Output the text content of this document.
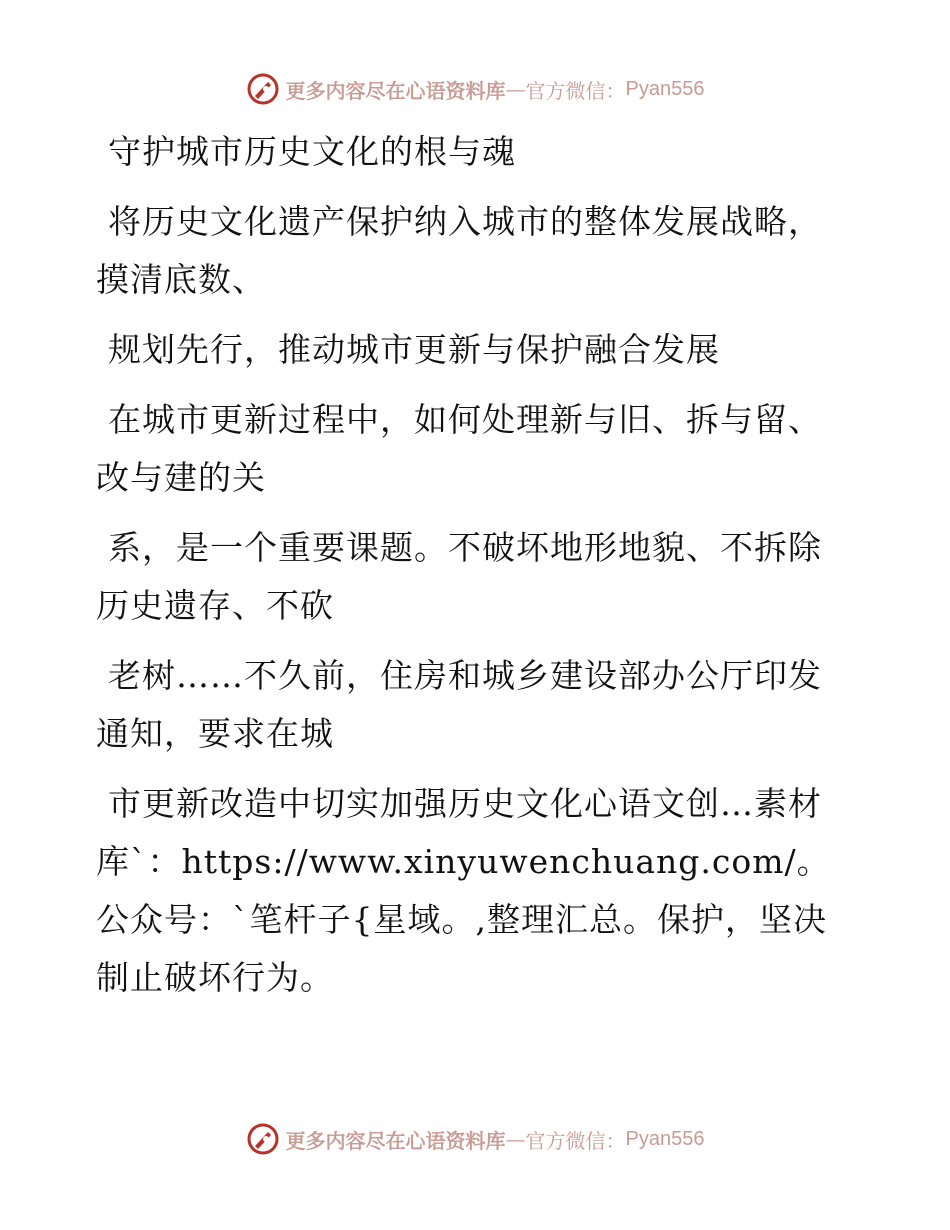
更多内容尽在心语资料库 — 官方微信： Pyan556

守护城市历史文化的根与魂

将历史文化遗产保护纳入城市的整体发展战略，摸清底数、

规划先行，推动城市更新与保护融合发展

在城市更新过程中，如何处理新与旧、拆与留、改与建的关

系，是一个重要课题。不破坏地形地貌、不拆除历史遗存、不砍

老树……不久前，住房和城乡建设部办公厅印发通知，要求在城

市更新改造中切实加强历史文化心语文创…素材库`：https://www.xinyuwenchuang.com/。公众号：`笔杆子{星域。,整理汇总。保护，坚决制止破坏行为。

更多内容尽在心语资料库 — 官方微信： Pyan556
